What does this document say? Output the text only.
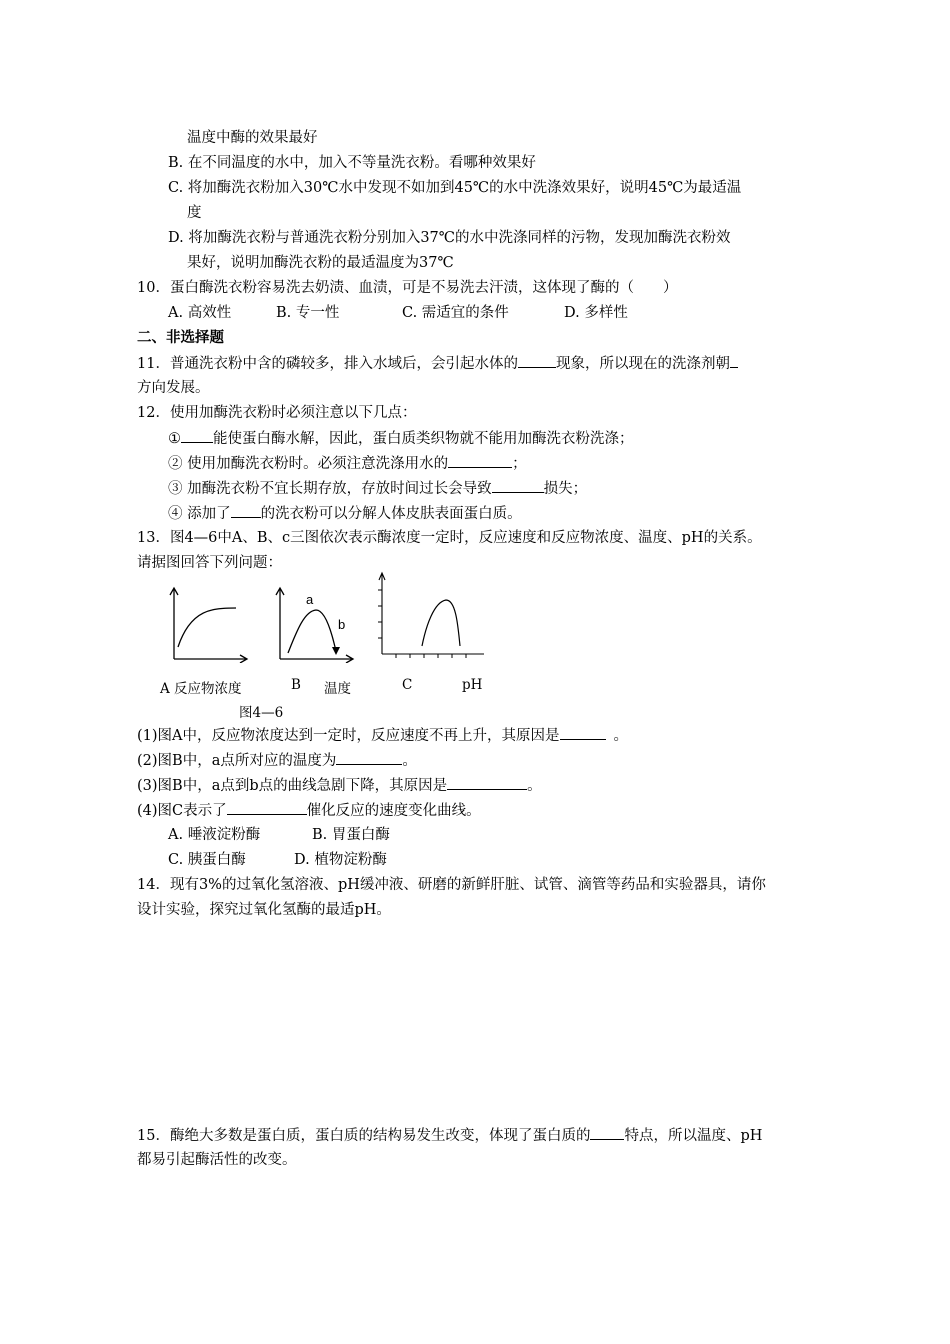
温度中酶的效果最好
B. 在不同温度的水中，加入不等量洗衣粉。看哪种效果好
C. 将加酶洗衣粉加入30℃水中发现不如加到45℃的水中洗涤效果好，说明45℃为最适温
度
D. 将加酶洗衣粉与普通洗衣粉分别加入37℃的水中洗涤同样的污物，发现加酶洗衣粉效
果好，说明加酶洗衣粉的最适温度为37℃
10．蛋白酶洗衣粉容易洗去奶渍、血渍，可是不易洗去汗渍，这体现了酶的（　　）
A. 高效性	B. 专一性	C. 需适宜的条件	D. 多样性
二、非选择题
11．普通洗衣粉中含的磷较多，排入水域后，会引起水体的	现象，所以现在的洗涤剂朝
方向发展。
12．使用加酶洗衣粉时必须注意以下几点：
① 能使蛋白酶水解，因此，蛋白质类织物就不能用加酶洗衣粉洗涤；
② 使用加酶洗衣粉时。必须注意洗涤用水的	；
③ 加酶洗衣粉不宜长期存放，存放时间过长会导致	损失；
④ 添加了 的洗衣粉可以分解人体皮肤表面蛋白质。
13．图4—6中A、B、c三图依次表示酶浓度一定时，反应速度和反应物浓度、温度、pH的关系。
请据图回答下列问题：
a
b
A 反应物浓度	B 温度	C	pH
图4—6
(1)图A中，反应物浓度达到一定时，反应速度不再上升，其原因是	。
(2)图B中，a点所对应的温度为	。
(3)图B中，a点到b点的曲线急剧下降，其原因是	。
(4)图C表示了	催化反应的速度变化曲线。
A. 唾液淀粉酶	B. 胃蛋白酶
C. 胰蛋白酶	D. 植物淀粉酶
14．现有3%的过氧化氢溶液、pH缓冲液、研磨的新鲜肝脏、试管、滴管等药品和实验器具，请你
设计实验，探究过氧化氢酶的最适pH。
15．酶绝大多数是蛋白质，蛋白质的结构易发生改变，体现了蛋白质的 特点，所以温度、pH
都易引起酶活性的改变。
